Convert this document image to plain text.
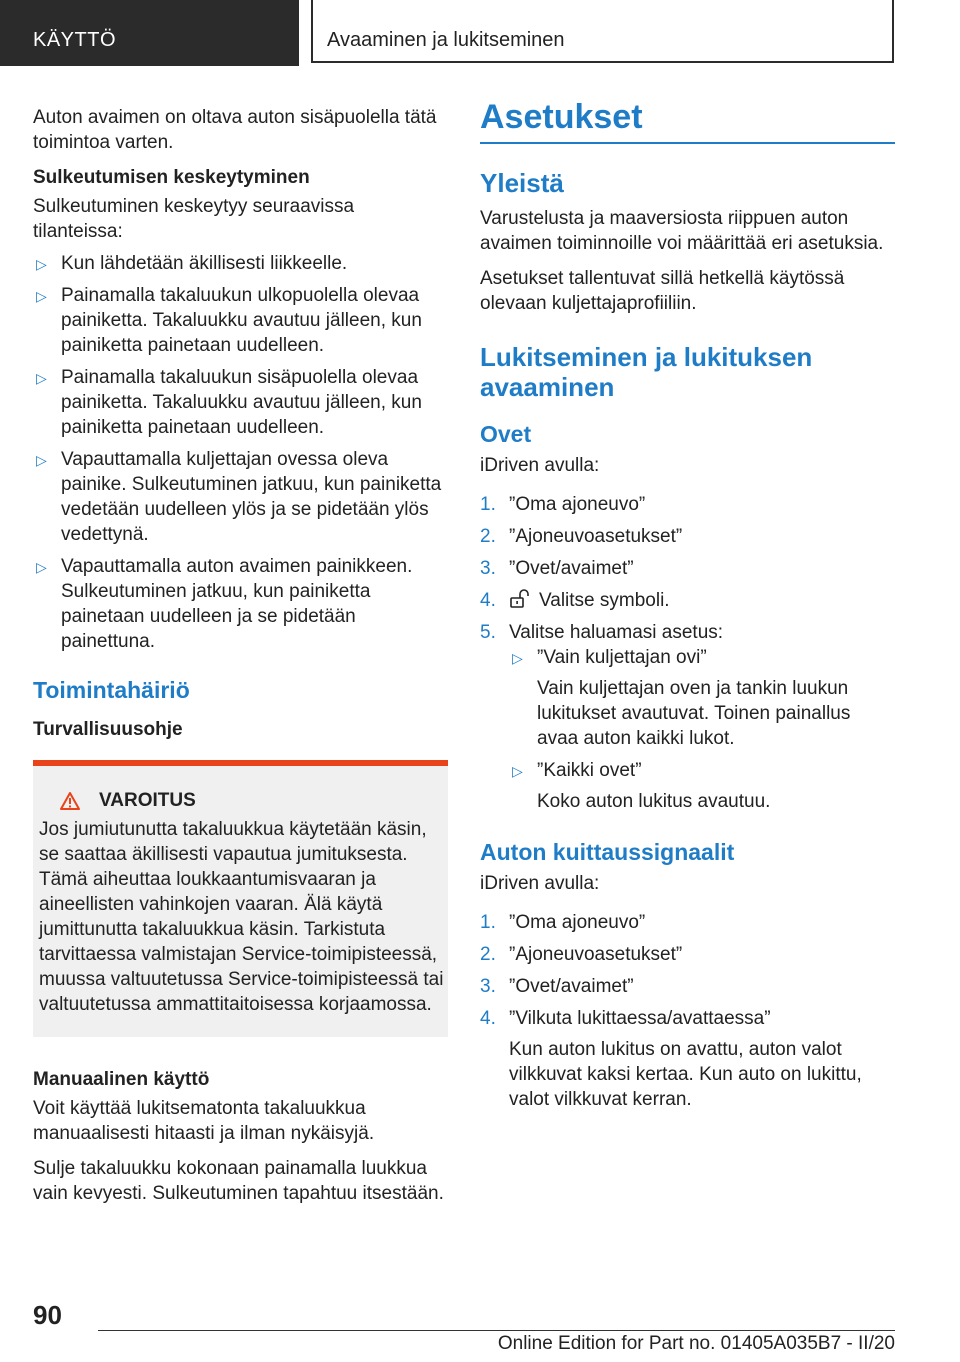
KÄYTTÖ	Avaaminen ja lukitseminen

Auton avaimen on oltava auton sisäpuolella tätä toimintoa varten.

Sulkeutumisen keskeytyminen

Sulkeutuminen keskeytyy seuraavissa tilanteissa:

▷ Kun lähdetään äkillisesti liikkeelle.
▷ Painamalla takaluukun ulkopuolella olevaa painiketta. Takaluukku avautuu jälleen, kun painiketta painetaan uudelleen.
▷ Painamalla takaluukun sisäpuolella olevaa painiketta. Takaluukku avautuu jälleen, kun painiketta painetaan uudelleen.
▷ Vapauttamalla kuljettajan ovessa oleva painike. Sulkeutuminen jatkuu, kun painiketta vedetään uudelleen ylös ja se pidetään ylös vedettynä.
▷ Vapauttamalla auton avaimen painikkeen. Sulkeutuminen jatkuu, kun painiketta painetaan uudelleen ja se pidetään painettuna.
Toimintahäiriö

Turvallisuusohje

VAROITUS
Jos jumiutunutta takaluukkua käytetään käsin, se saattaa äkillisesti vapautua jumituksesta. Tämä aiheuttaa loukkaantumisvaaran ja aineellisten vahinkojen vaaran. Älä käytä jumittunutta takaluukkua käsin. Tarkistuta tarvittaessa valmistajan Service-toimipisteessä, muussa valtuutetussa Service-toimipisteessä tai valtuutetussa ammattitaitoisessa korjaamossa.

Manuaalinen käyttö

Voit käyttää lukitsematonta takaluukkua manuaalisesti hitaasti ja ilman nykäisyjä.

Sulje takaluukku kokonaan painamalla luukkua vain kevyesti. Sulkeutuminen tapahtuu itsestään.

Asetukset
Yleistä

Varustelusta ja maaversiosta riippuen auton avaimen toiminnoille voi määrittää eri asetuksia.

Asetukset tallentuvat sillä hetkellä käytössä olevaan kuljettajaprofiiliin.

Lukitseminen ja lukituksen avaaminen
Ovet

iDriven avulla:

1. ”Oma ajoneuvo”
2. ”Ajoneuvoasetukset”
3. ”Ovet/avaimet”
4. Valitse symboli.
5. Valitse haluamasi asetus:
▷ ”Vain kuljettajan ovi”
Vain kuljettajan oven ja tankin luukun lukitukset avautuvat. Toinen painallus avaa auton kaikki lukot.
▷ ”Kaikki ovet”
Koko auton lukitus avautuu.
Auton kuittaussignaalit

iDriven avulla:

1. ”Oma ajoneuvo”
2. ”Ajoneuvoasetukset”
3. ”Ovet/avaimet”
4. ”Vilkuta lukittaessa/avattaessa”
Kun auton lukitus on avattu, auton valot vilkkuvat kaksi kertaa. Kun auto on lukittu, valot vilkkuvat kerran.
90
Online Edition for Part no. 01405A035B7 - II/20
